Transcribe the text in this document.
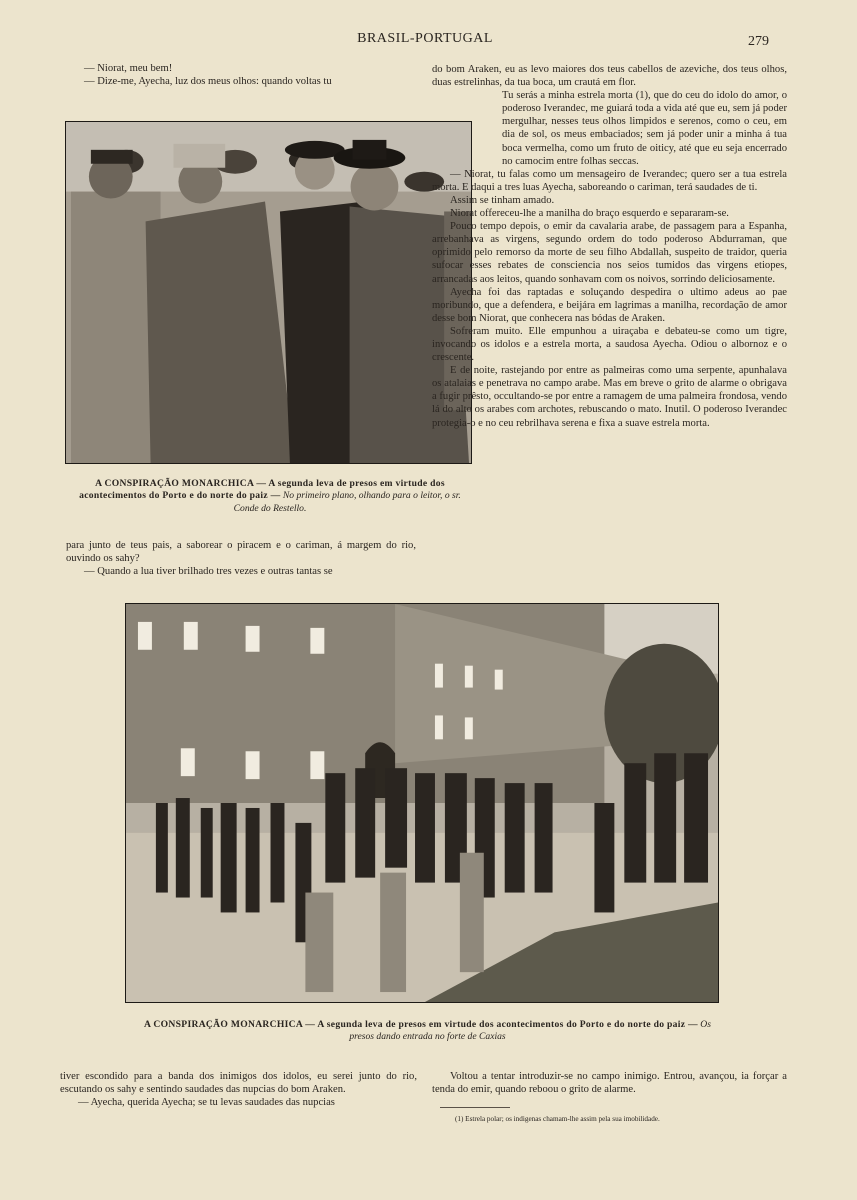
BRASIL-PORTUGAL	279

— Niorat, meu bem!

— Dize-me, Ayecha, luz dos meus olhos: quando voltas tu

A CONSPIRAÇÃO MONARCHICA — A segunda leva de presos em virtude dos acontecimentos do Porto e do norte do paiz — No primeiro plano, olhando para o leitor, o sr. Conde do Restello.

para junto de teus pais, a saborear o piracem e o cariman, á margem do rio, ouvindo os sahy?

— Quando a lua tiver brilhado tres vezes e outras tantas se

do bom Araken, eu as levo maiores dos teus cabellos de azeviche, dos teus olhos, duas estrelinhas, da tua boca, um crautá em flor.

Tu serás a minha estrela morta (1), que do ceu do idolo do amor, o poderoso Iverandec, me guiará toda a vida até que eu, sem já poder mergulhar, nesses teus olhos limpidos e serenos, como o ceu, em dia de sol, os meus embaciados; sem já poder unir a minha á tua boca vermelha, como um fruto de oiticy, até que eu seja encerrado no camocim entre folhas seccas.

— Niorat, tu falas como um mensageiro de Iverandec; quero ser a tua estrela morta. E daqui a tres luas Ayecha, saboreando o cariman, terá saudades de ti.

Assim se tinham amado.

Niorat offereceu-lhe a manilha do braço esquerdo e separaram-se.

Pouco tempo depois, o emir da cavalaria arabe, de passagem para a Espanha, arrebanhava as virgens, segundo ordem do todo poderoso Abdurraman, que oprimido pelo remorso da morte de seu filho Abdallah, suspeito de traidor, queria sufocar esses rebates de consciencia nos seios tumidos das virgens etiopes, arrancadas aos leitos, quando sonhavam com os noivos, sorrindo deliciosamente.

Ayecha foi das raptadas e soluçando despedira o ultimo adeus ao pae moribundo, que a defendera, e beijára em lagrimas a manilha, recordação de amor desse bom Niorat, que conhecera nas bódas de Araken.

Sofreram muito. Elle empunhou a uiraçaba e debateu-se como um tigre, invocando os idolos e a estrela morta, a saudosa Ayecha. Odiou o albornoz e o crescente.

E de noite, rastejando por entre as palmeiras como uma serpente, apunhalava os atalaias e penetrava no campo arabe. Mas em breve o grito de alarme o obrigava a fugir prêsto, occultando-se por entre a ramagem de uma palmeira frondosa, vendo lá do alto os arabes com archotes, rebuscando o mato. Inutil. O poderoso Iverandec protegia-o e no ceu rebrilhava serena e fixa a suave estrela morta.

A CONSPIRAÇÃO MONARCHICA — A segunda leva de presos em virtude dos acontecimentos do Porto e do norte do paiz — Os presos dando entrada no forte de Caxias

tiver escondido para a banda dos inimigos dos idolos, eu serei junto do rio, escutando os sahy e sentindo saudades das nupcias do bom Araken.

— Ayecha, querida Ayecha; se tu levas saudades das nupcias

Voltou a tentar introduzir-se no campo inimigo. Entrou, avançou, ia forçar a tenda do emir, quando reboou o grito de alarme.

(1) Estrela polar; os indigenas chamam-lhe assim pela sua imobilidade.
